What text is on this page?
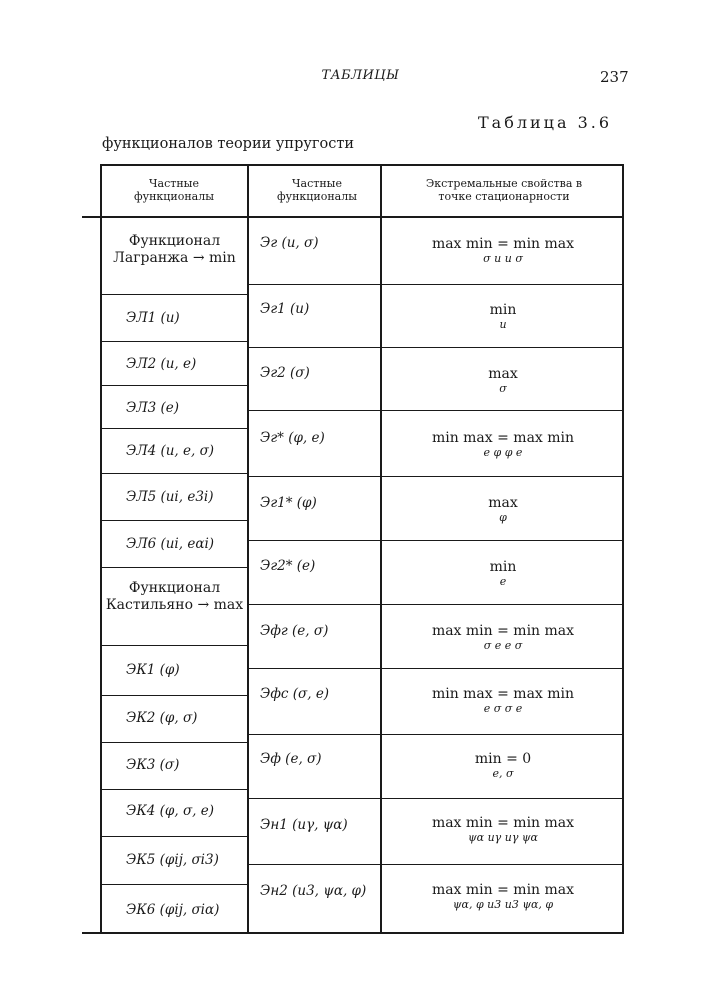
ТАБЛИЦЫ	237
Таблица 3.6
функционалов теории упругости
Частные функционалы
Частные функционалы
Экстремальные свойства в точке стационарности
Функционал Лагранжа → min
ЭЛ1 (u)
ЭЛ2 (u, e)
ЭЛ3 (e)
ЭЛ4 (u, e, σ)
ЭЛ5 (ui, e3i)
ЭЛ6 (ui, eαi)
Функционал Кастильяно → max
ЭК1 (φ)
ЭК2 (φ, σ)
ЭК3 (σ)
ЭК4 (φ, σ, e)
ЭК5 (φij, σi3)
ЭК6 (φij, σiα)
Эг (u, σ)
Эг1 (u)
Эг2 (σ)
Эг* (φ, e)
Эг1* (φ)
Эг2* (e)
Эфг (e, σ)
Эфс (σ, e)
Эф (e, σ)
Эн1 (uγ, ψα)
Эн2 (u3, ψα, φ)
max min = min max
σ u u σ
min
u
max
σ
min max = max min
e φ φ e
max
φ
min
e
max min = min max
σ e e σ
min max = max min
e σ σ e
min = 0
e, σ
max min = min max
ψα uγ uγ ψα
max min = min max
ψα, φ u3 u3 ψα, φ
